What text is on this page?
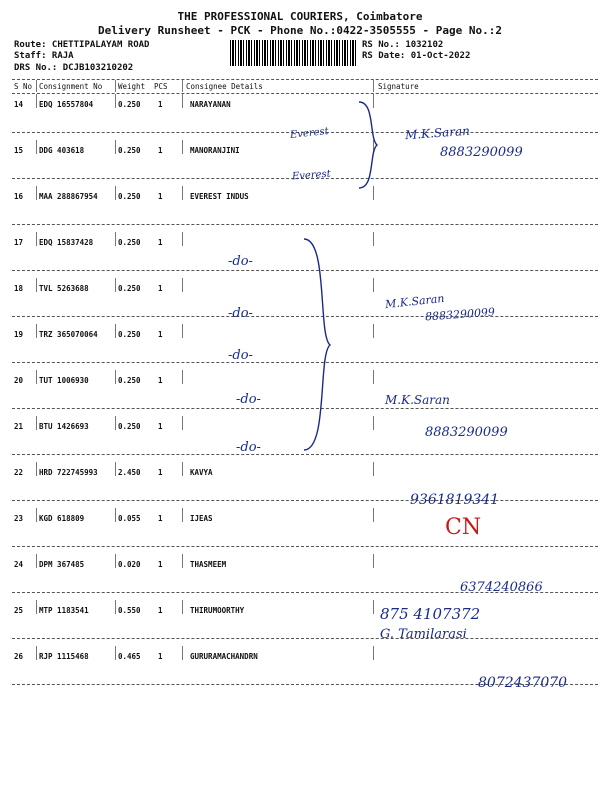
THE PROFESSIONAL COURIERS, Coimbatore
Delivery Runsheet - PCK - Phone No.:0422-3505555 - Page No.:2
Route: CHETTIPALAYAM ROAD
Staff: RAJA
DRS No.: DCJB103210202
RS No.: 1032102
RS Date: 01-Oct-2022
S No Consignment No Weight PCS Consignee Details	Signature
14 EDQ 16557804	0.250 1	NARAYANAN
15 DDG 403618	0.250 1	MANORANJINI
16 MAA 288867954	0.250 1	EVEREST INDUS
17 EDQ 15837428	0.250 1
18 TVL 5263688	0.250 1
19 TRZ 365070064	0.250 1
20 TUT 1006930	0.250 1
21 BTU 1426693	0.250 1
22 HRD 722745993	2.450 1	KAVYA
23 KGD 618809	0.055 1	IJEAS
24 DPM 367485	0.020 1	THASMEEM
25 MTP 1183541	0.550 1	THIRUMOORTHY
26 RJP 1115468	0.465 1	GURURAMACHANDRN
Everest
Everest
-do-
-do-
-do-
-do-
-do-
M.K.Saran
8883290099
M.K.Saran
8883290099
M.K.Saran
8883290099
9361819341
CN
6374240866
875 4107372
G. Tamilarasi
8072437070
